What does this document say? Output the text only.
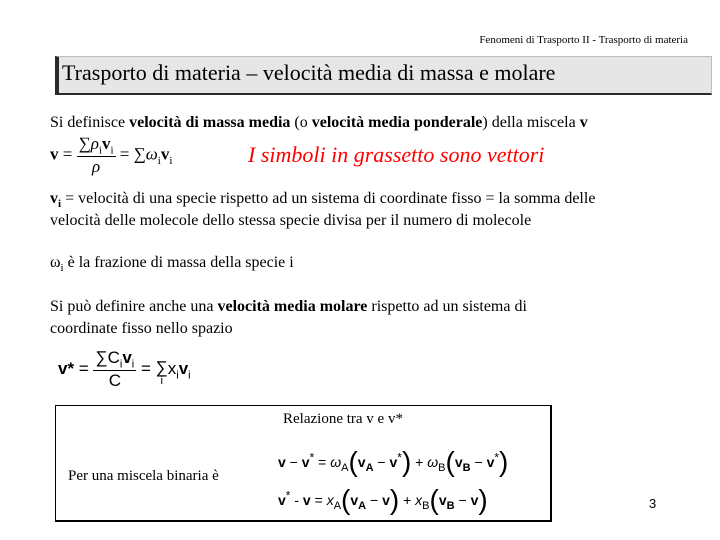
Fenomeni di Trasporto II - Trasporto di materia
Trasporto di materia – velocità media di massa e molare
Si definisce velocità di massa media (o velocità media ponderale) della miscela v
$v = \frac{\sum\rho_iv_i}{\rho} = \sum\omega_iv_i$	I simboli in grassetto sono vettori
$v_i$ = velocità di una specie rispetto ad un sistema di coordinate fisso = la somma delle
velocità delle molecole dello stessa specie divisa per il numero di molecole
$\omega_i$ è la frazione di massa della specie i
Si può definire anche una velocità media molare rispetto ad un sistema di
coordinate fisso nello spazio
$v* = \frac{\sum C_iv_i}{C}$ = ∑
i
$x_iv_i$
Relazione tra v e v*
Per una miscela binaria è
$v - v^* = \omega_A(v_A - v^*) + \omega_B(v_B - v^*)$
$v^* - v = x_A(v_A - v) + x_B(v_B - v)$	3
